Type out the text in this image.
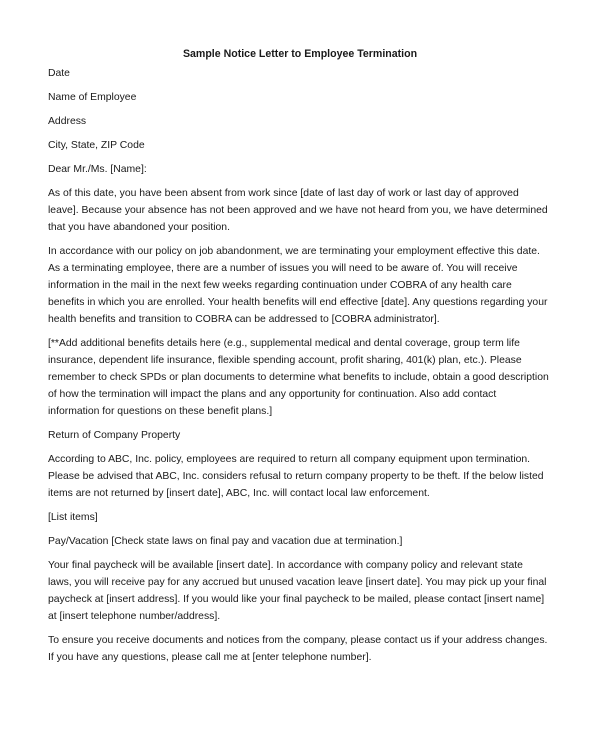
Sample Notice Letter to Employee Termination

Date

Name of Employee

Address

City, State, ZIP Code

Dear Mr./Ms. [Name]:

As of this date, you have been absent from work since [date of last day of work or last day of approved
leave]. Because your absence has not been approved and we have not heard from you, we have determined
that you have abandoned your position.

In accordance with our policy on job abandonment, we are terminating your employment effective this date.
As a terminating employee, there are a number of issues you will need to be aware of. You will receive
information in the mail in the next few weeks regarding continuation under COBRA of any health care
benefits in which you are enrolled. Your health benefits will end effective [date]. Any questions regarding your
health benefits and transition to COBRA can be addressed to [COBRA administrator].

[**Add additional benefits details here (e.g., supplemental medical and dental coverage, group term life
insurance, dependent life insurance, flexible spending account, profit sharing, 401(k) plan, etc.). Please
remember to check SPDs or plan documents to determine what benefits to include, obtain a good description
of how the termination will impact the plans and any opportunity for continuation. Also add contact
information for questions on these benefit plans.]

Return of Company Property

According to ABC, Inc. policy, employees are required to return all company equipment upon termination.
Please be advised that ABC, Inc. considers refusal to return company property to be theft. If the below listed
items are not returned by [insert date], ABC, Inc. will contact local law enforcement.

[List items]

Pay/Vacation [Check state laws on final pay and vacation due at termination.]

Your final paycheck will be available [insert date]. In accordance with company policy and relevant state
laws, you will receive pay for any accrued but unused vacation leave [insert date]. You may pick up your final
paycheck at [insert address]. If you would like your final paycheck to be mailed, please contact [insert name]
at [insert telephone number/address].

To ensure you receive documents and notices from the company, please contact us if your address changes.
If you have any questions, please call me at [enter telephone number].
